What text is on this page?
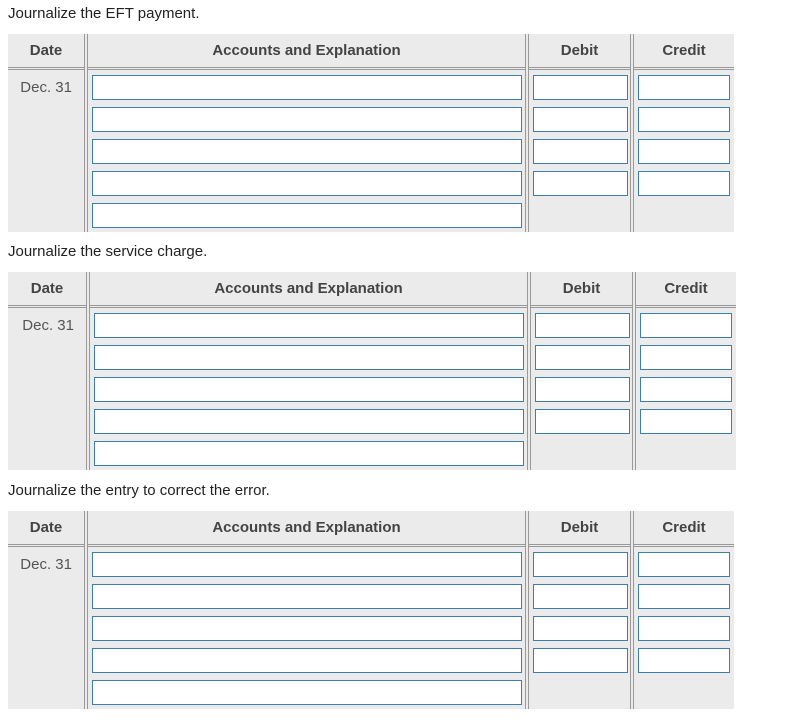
Journalize the EFT payment.

Date	Accounts and Explanation	Debit	Credit

Dec. 31

Journalize the service charge.

Date	Accounts and Explanation	Debit	Credit

Dec. 31

Journalize the entry to correct the error.

Date	Accounts and Explanation	Debit	Credit

Dec. 31
